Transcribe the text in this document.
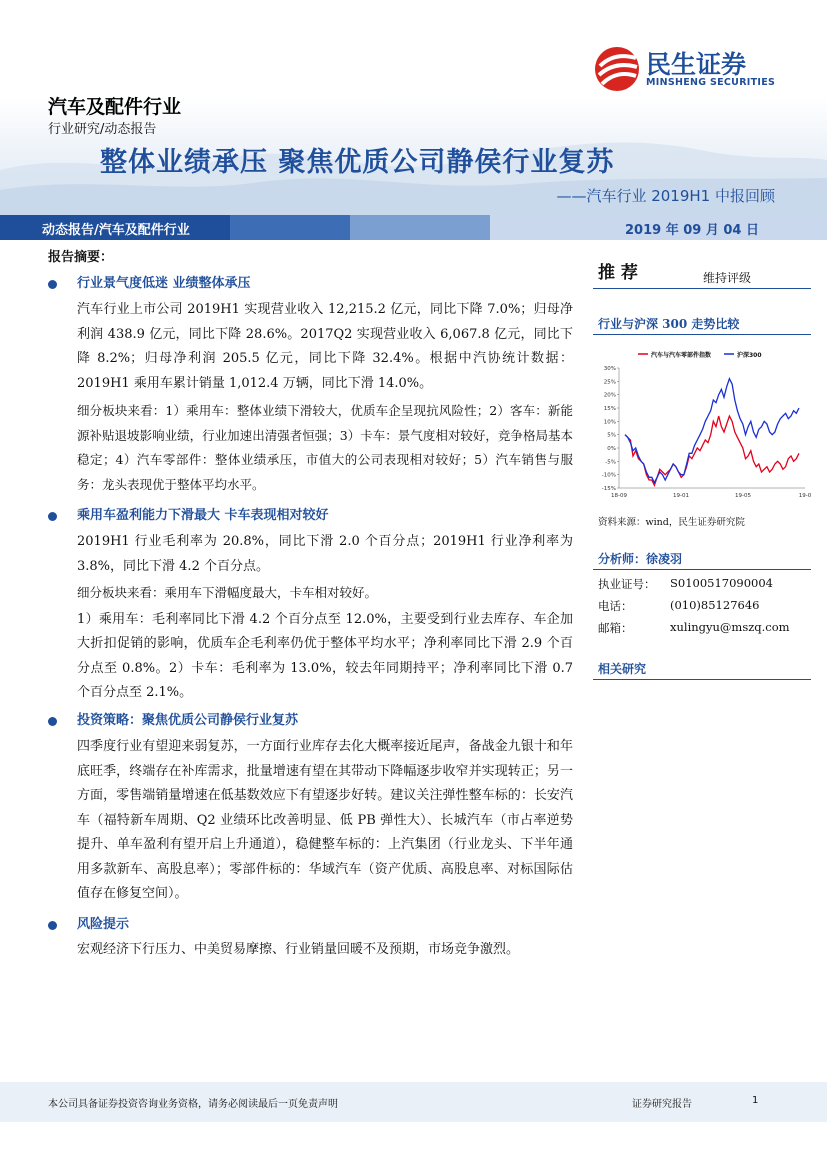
汽车及配件行业
行业研究/动态报告
整体业绩承压 聚焦优质公司静侯行业复苏
——汽车行业 2019H1 中报回顾
民生证券
MINSHENG SECURITIES
动态报告/汽车及配件行业	2019 年 09 月 04 日
报告摘要：
行业景气度低迷 业绩整体承压
汽车行业上市公司 2019H1 实现营业收入 12,215.2 亿元，同比下降 7.0%；归母净利润 438.9 亿元，同比下降 28.6%。2017Q2 实现营业收入 6,067.8 亿元，同比下降 8.2%；归母净利润 205.5 亿元，同比下降 32.4%。根据中汽协统计数据：2019H1 乘用车累计销量 1,012.4 万辆，同比下滑 14.0%。
细分板块来看：1）乘用车：整体业绩下滑较大，优质车企呈现抗风险性；2）客车：新能源补贴退坡影响业绩，行业加速出清强者恒强；3）卡车：景气度相对较好，竞争格局基本稳定；4）汽车零部件：整体业绩承压，市值大的公司表现相对较好；5）汽车销售与服务：龙头表现优于整体平均水平。
乘用车盈利能力下滑最大 卡车表现相对较好
2019H1 行业毛利率为 20.8%，同比下滑 2.0 个百分点；2019H1 行业净利率为 3.8%，同比下滑 4.2 个百分点。
细分板块来看：乘用车下滑幅度最大，卡车相对较好。
1）乘用车：毛利率同比下滑 4.2 个百分点至 12.0%，主要受到行业去库存、车企加大折扣促销的影响，优质车企毛利率仍优于整体平均水平；净利率同比下滑 2.9 个百分点至 0.8%。2）卡车：毛利率为 13.0%，较去年同期持平；净利率同比下滑 0.7 个百分点至 2.1%。
投资策略：聚焦优质公司静侯行业复苏
四季度行业有望迎来弱复苏，一方面行业库存去化大概率接近尾声，备战金九银十和年底旺季，终端存在补库需求，批量增速有望在其带动下降幅逐步收窄并实现转正；另一方面，零售端销量增速在低基数效应下有望逐步好转。建议关注弹性整车标的：长安汽车（福特新车周期、Q2 业绩环比改善明显、低 PB 弹性大）、长城汽车（市占率逆势提升、单车盈利有望开启上升通道），稳健整车标的：上汽集团（行业龙头、下半年通用多款新车、高股息率）；零部件标的：华域汽车（资产优质、高股息率、对标国际估值存在修复空间）。
风险提示
宏观经济下行压力、中美贸易摩擦、行业销量回暖不及预期，市场竞争激烈。
推 荐	维持评级
行业与沪深 300 走势比较
汽车与汽车零部件指数	沪深300
30%
25%
20%
15%
10%
5%
0%
-5%
-10%
-15%
18-09	19-01	19-05	19-0
资料来源：wind，民生证券研究院
分析师：徐凌羽
执业证号： S0100517090004
电话：	(010)85127646
邮箱：	xulingyu@mszq.com
相关研究
本公司具备证券投资咨询业务资格，请务必阅读最后一页免责声明	证券研究报告	1
